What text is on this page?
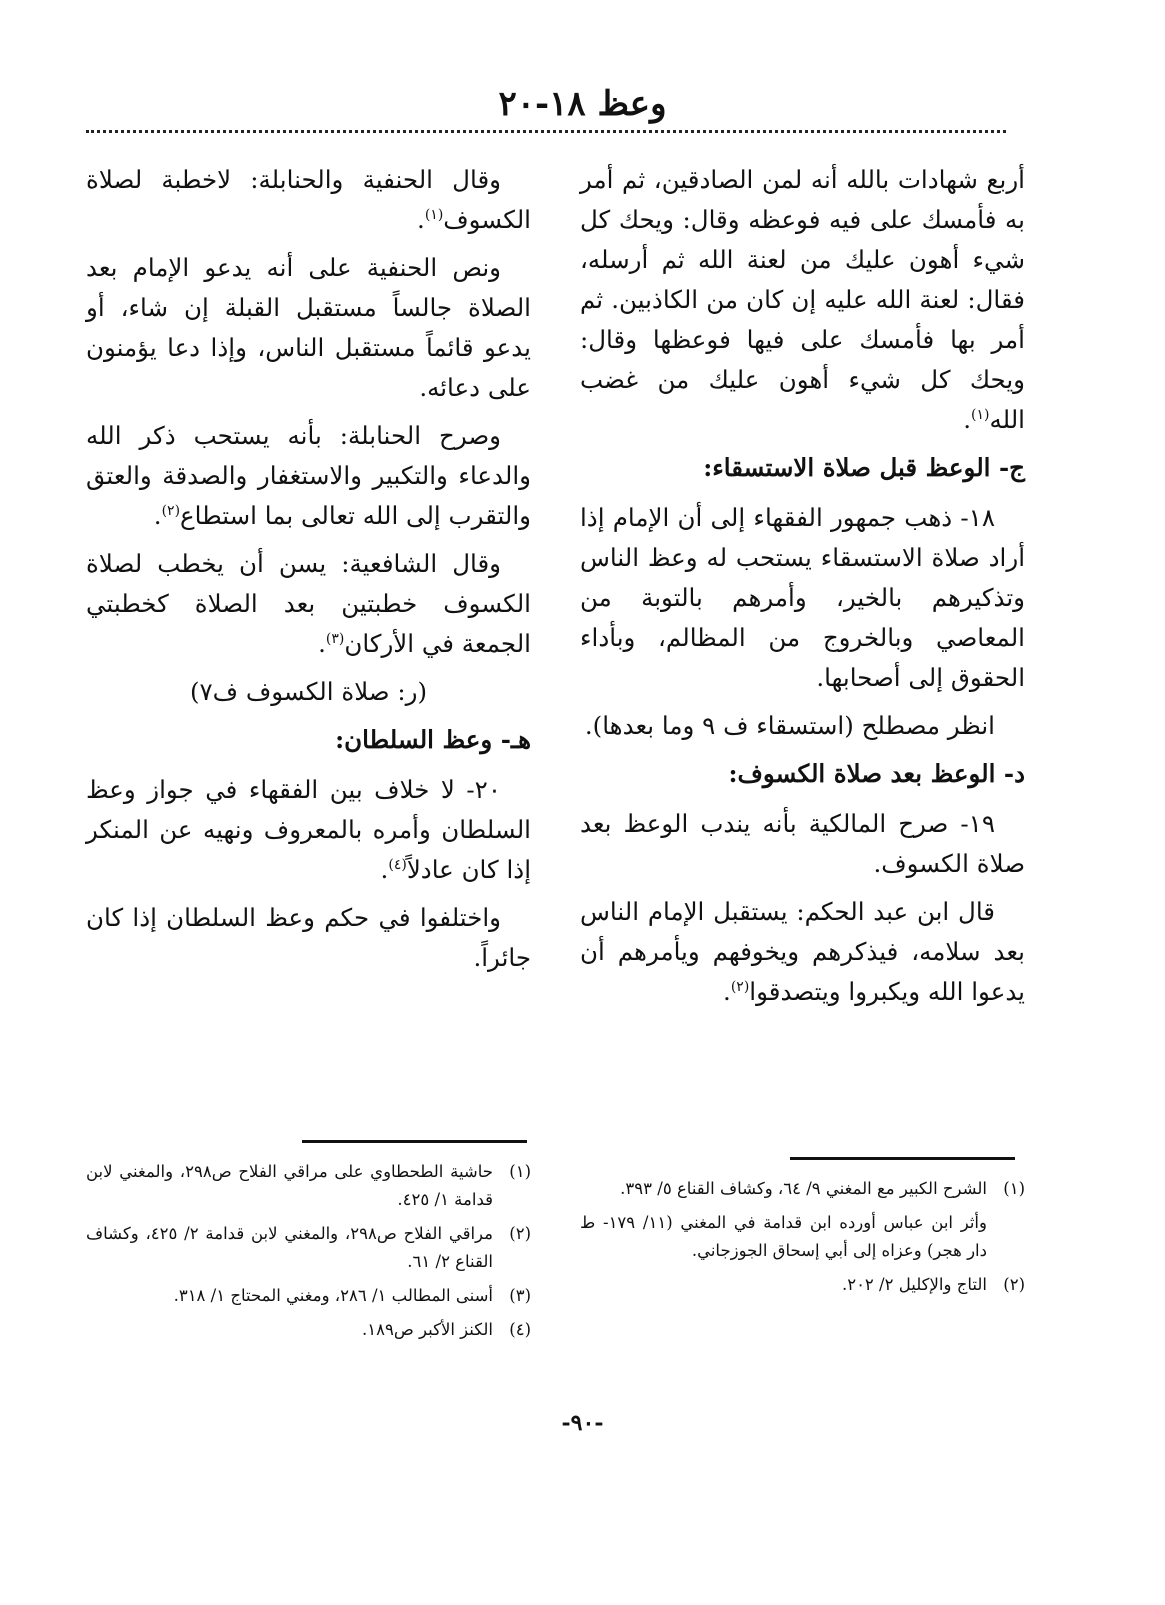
وعظ ١٨-٢٠

أربع شهادات بالله أنه لمن الصادقين، ثم أمر به فأمسك على فيه فوعظه وقال: ويحك كل شيء أهون عليك من لعنة الله ثم أرسله، فقال: لعنة الله عليه إن كان من الكاذبين. ثم أمر بها فأمسك على فيها فوعظها وقال: ويحك كل شيء أهون عليك من غضب الله$^{(١)}$.

ج- الوعظ قبل صلاة الاستسقاء:

١٨- ذهب جمهور الفقهاء إلى أن الإمام إذا أراد صلاة الاستسقاء يستحب له وعظ الناس وتذكيرهم بالخير، وأمرهم بالتوبة من المعاصي وبالخروج من المظالم، وبأداء الحقوق إلى أصحابها.

انظر مصطلح (استسقاء ف ٩ وما بعدها).

د- الوعظ بعد صلاة الكسوف:

١٩- صرح المالكية بأنه يندب الوعظ بعد صلاة الكسوف.

قال ابن عبد الحكم: يستقبل الإمام الناس بعد سلامه، فيذكرهم ويخوفهم ويأمرهم أن يدعوا الله ويكبروا ويتصدقوا$^{(٢)}$.

وقال الحنفية والحنابلة: لاخطبة لصلاة الكسوف$^{(١)}$.

ونص الحنفية على أنه يدعو الإمام بعد الصلاة جالساً مستقبل القبلة إن شاء، أو يدعو قائماً مستقبل الناس، وإذا دعا يؤمنون على دعائه.

وصرح الحنابلة: بأنه يستحب ذكر الله والدعاء والتكبير والاستغفار والصدقة والعتق والتقرب إلى الله تعالى بما استطاع$^{(٢)}$.

وقال الشافعية: يسن أن يخطب لصلاة الكسوف خطبتين بعد الصلاة كخطبتي الجمعة في الأركان$^{(٣)}$.

(ر: صلاة الكسوف ف٧)

هـ- وعظ السلطان:

٢٠- لا خلاف بين الفقهاء في جواز وعظ السلطان وأمره بالمعروف ونهيه عن المنكر إذا كان عادلاً$^{(٤)}$.

واختلفوا في حكم وعظ السلطان إذا كان جائراً.

(١)
الشرح الكبير مع المغني ٩/ ٦٤، وكشاف القناع ٥/ ٣٩٣.
وأثر ابن عباس أورده ابن قدامة في المغني (١١/ ١٧٩- ط دار هجر) وعزاه إلى أبي إسحاق الجوزجاني.
(٢)
التاج والإكليل ٢/ ٢٠٢.
(١)
حاشية الطحطاوي على مراقي الفلاح ص٢٩٨، والمغني لابن قدامة ١/ ٤٢٥.
(٢)
مراقي الفلاح ص٢٩٨، والمغني لابن قدامة ٢/ ٤٢٥، وكشاف القناع ٢/ ٦١.
(٣)
أسنى المطالب ١/ ٢٨٦، ومغني المحتاج ١/ ٣١٨.
(٤)
الكنز الأكبر ص١٨٩.
-٩٠-
